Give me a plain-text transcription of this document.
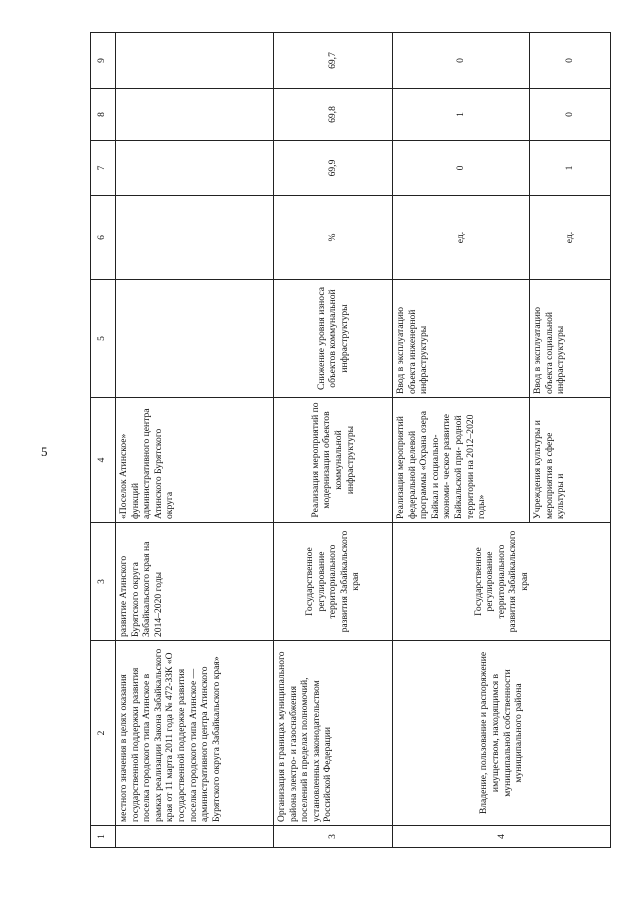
5
1	2	3	4	5	6	7	8	9
	местного значения в целях оказания государственной поддержки развития поселка городского типа Атинское в рамках реализации Закона Забайкальского края от 11 марта 2011 года № 472-ЗЗК «О государственной поддержке развития поселка городского типа Атинское — административного центра Атинского Бурятского округа Забайкальского края»	развитие Атинского Бурятского округа Забайкальского края на 2014–2020 годы	«Поселок Атинское» функций административного центра Атинского Бурятского округа					
3	Организация в границах муниципального района электро- и газоснабжения поселений в пределах полномочий, установленных законодательством Российской Федерации	Государственное регулирование территориального развития Забайкальского края	Реализация мероприятий по модернизации объектов коммунальной инфраструктуры	Снижение уровня износа объектов коммунальной инфраструктуры	%	69,9	69,8	69,7
4	Владение, пользование и распоряжение имуществом, находящимся в муниципальной собственности муниципального района	Государственное регулирование территориального развития Забайкальского края	Реализация мероприятий федеральной целевой программы «Охрана озера Байкал и социально-экономи- ческое развитие Байкальской при- родной территории на 2012–2020 годы»	Ввод в эксплуатацию объекта инженерной инфраструктуры	ед.	0	1	0
			Учреждения культуры и мероприятия в сфере культуры и	Ввод в эксплуатацию объекта социальной инфраструктуры	ед.	1	0	0
